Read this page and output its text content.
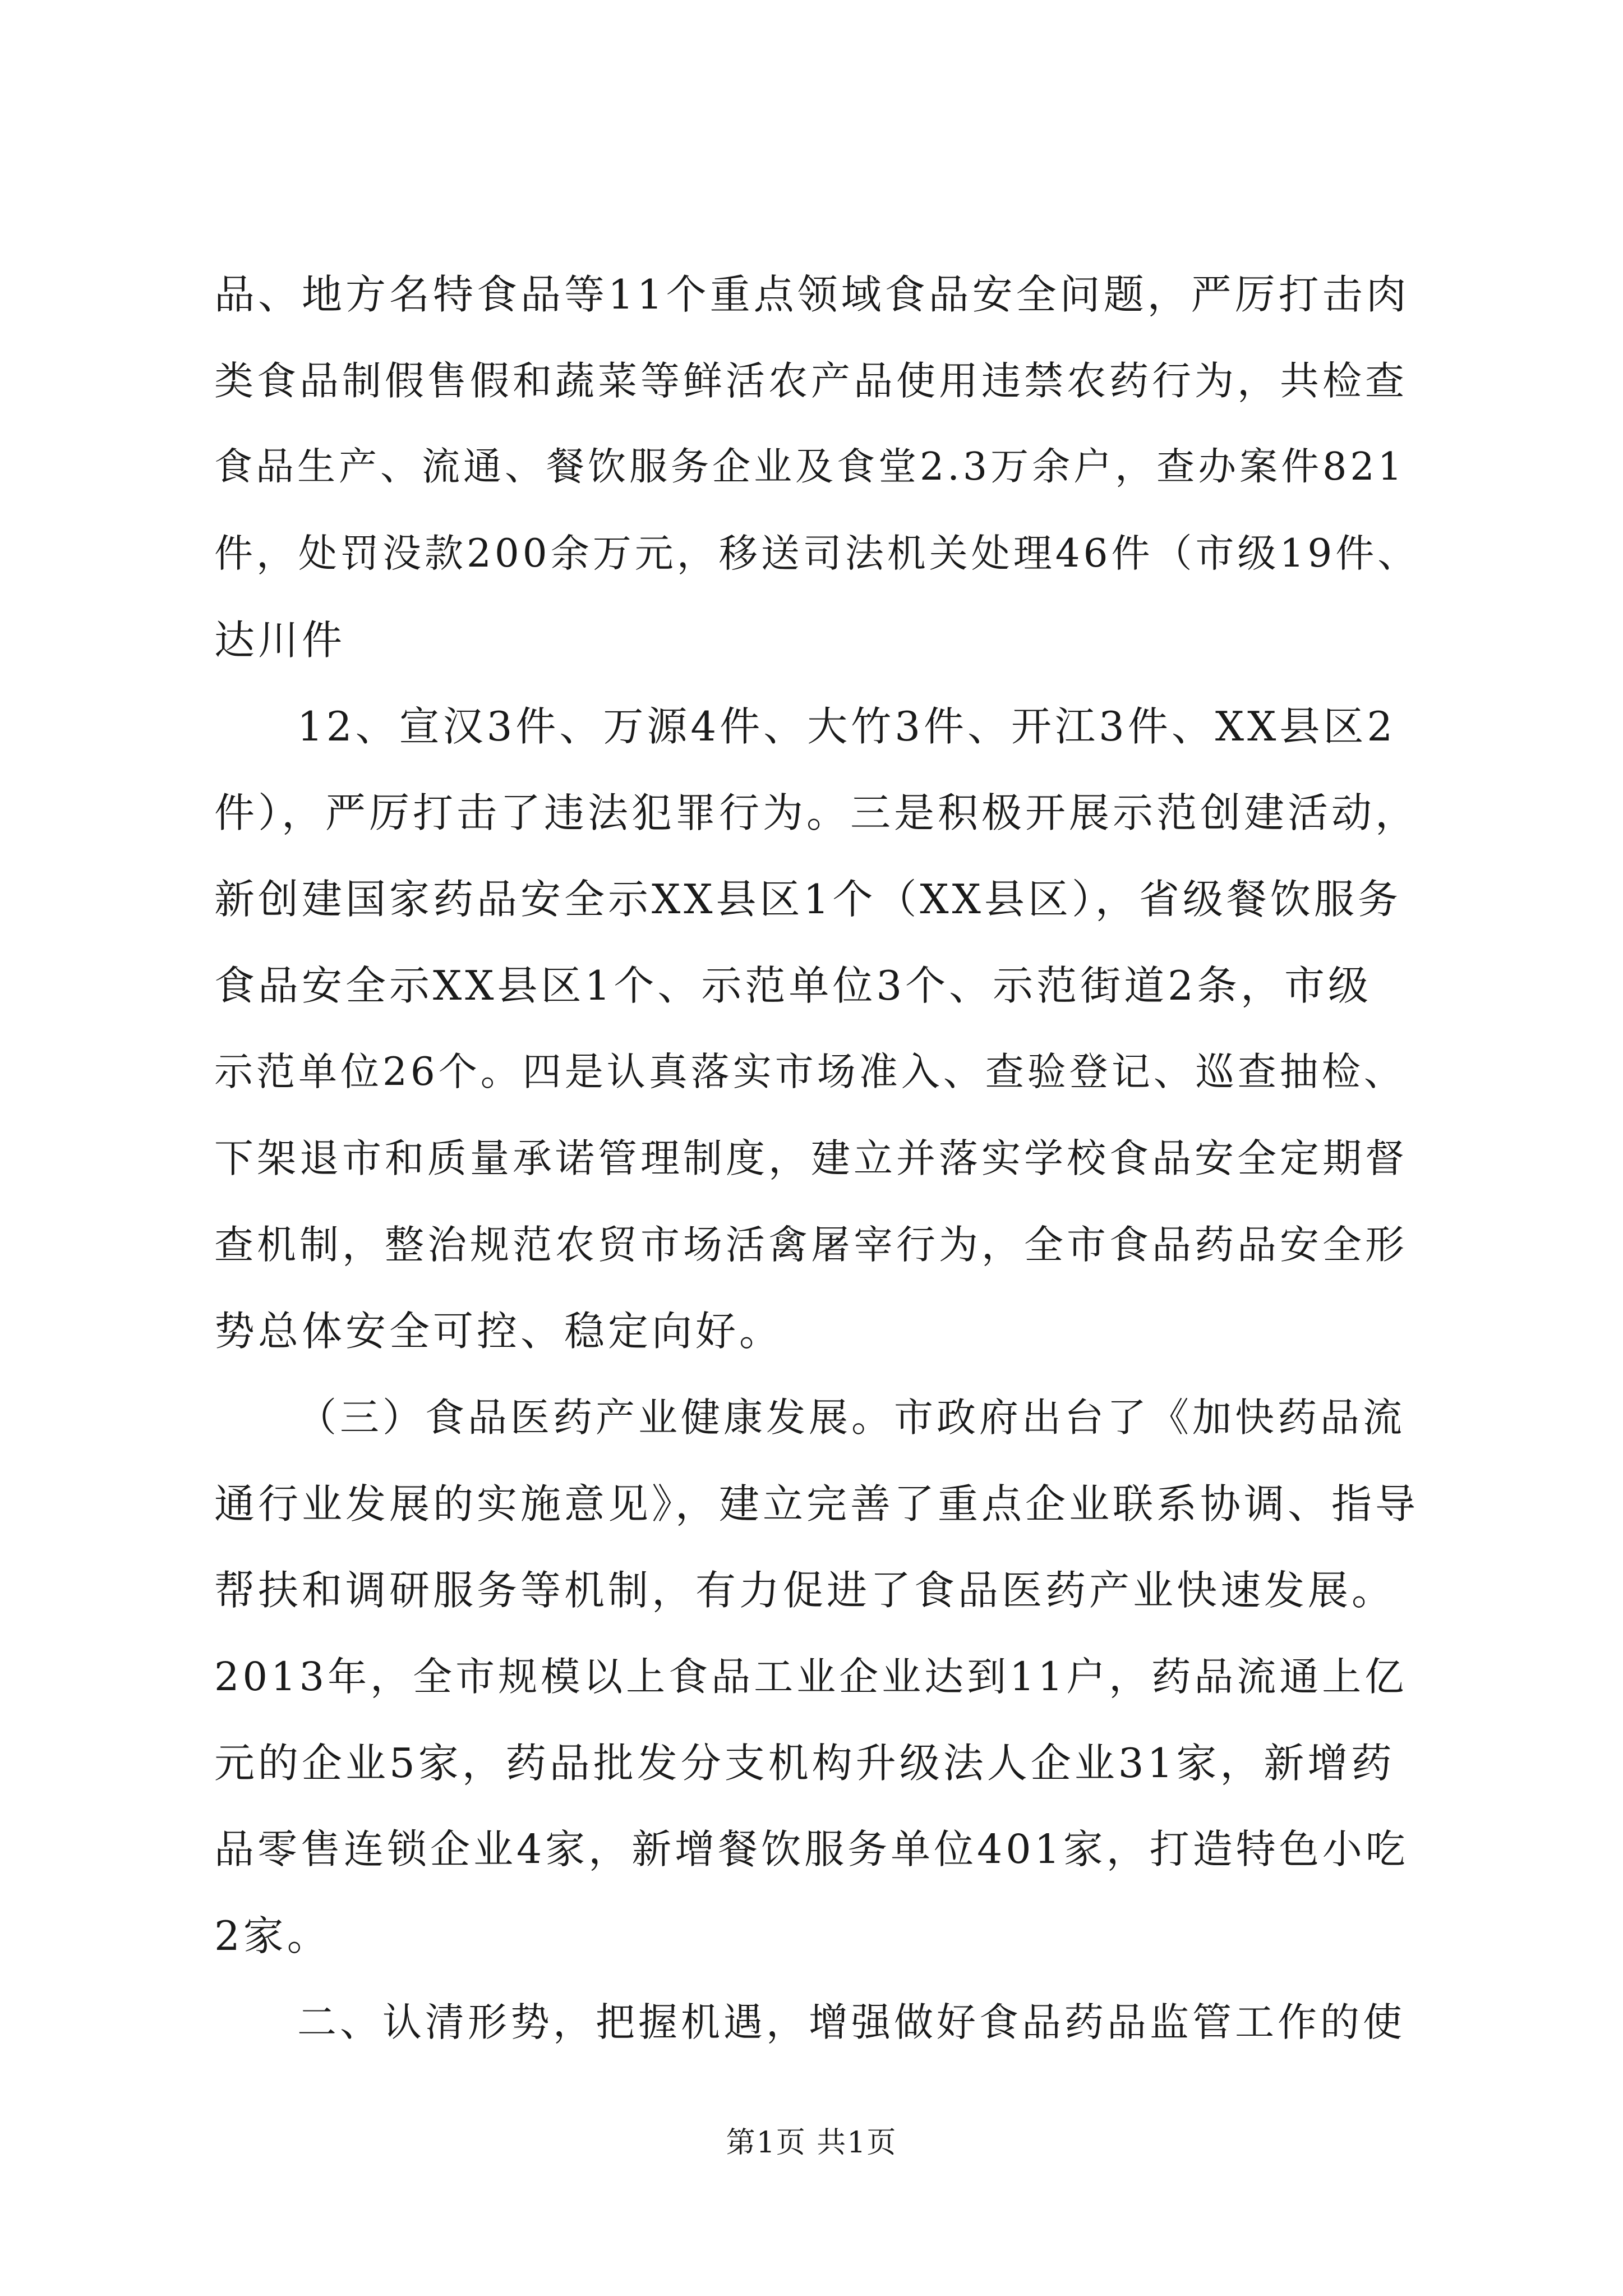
品、地方名特食品等11个重点领域食品安全问题，严厉打击肉
类食品制假售假和蔬菜等鲜活农产品使用违禁农药行为，共检查
食品生产、流通、餐饮服务企业及食堂2.3万余户，查办案件821
件，处罚没款200余万元，移送司法机关处理46件（市级19件、
达川件
12、宣汉3件、万源4件、大竹3件、开江3件、XX县区2
件），严厉打击了违法犯罪行为。三是积极开展示范创建活动，
新创建国家药品安全示XX县区1个（XX县区），省级餐饮服务
食品安全示XX县区1个、示范单位3个、示范街道2条，市级
示范单位26个。四是认真落实市场准入、查验登记、巡查抽检、
下架退市和质量承诺管理制度，建立并落实学校食品安全定期督
查机制，整治规范农贸市场活禽屠宰行为，全市食品药品安全形
势总体安全可控、稳定向好。
（三）食品医药产业健康发展。市政府出台了《加快药品流
通行业发展的实施意见》，建立完善了重点企业联系协调、指导
帮扶和调研服务等机制，有力促进了食品医药产业快速发展。
2013年，全市规模以上食品工业企业达到11户，药品流通上亿
元的企业5家，药品批发分支机构升级法人企业31家，新增药
品零售连锁企业4家，新增餐饮服务单位401家，打造特色小吃
2家。
二、认清形势，把握机遇，增强做好食品药品监管工作的使
第1页 共1页
